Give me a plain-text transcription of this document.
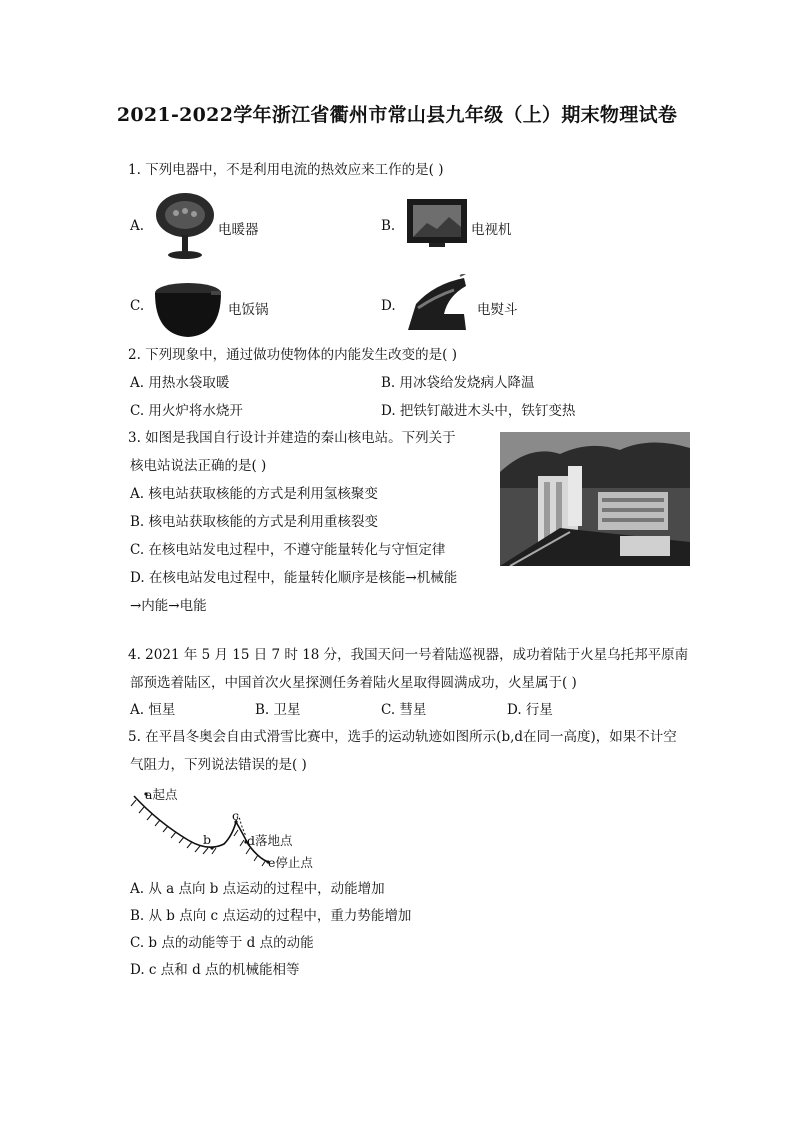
2021-2022学年浙江省衢州市常山县九年级（上）期末物理试卷
1. 下列电器中，不是利用电流的热效应来工作的是( )
A.	电暖器	B.	电视机
C.	电饭锅	D.	电熨斗
2. 下列现象中，通过做功使物体的内能发生改变的是( )
A. 用热水袋取暖	B. 用冰袋给发烧病人降温
C. 用火炉将水烧开	D. 把铁钉敲进木头中，铁钉变热
3. 如图是我国自行设计并建造的秦山核电站。下列关于
核电站说法正确的是( )
A. 核电站获取核能的方式是利用氢核聚变
B. 核电站获取核能的方式是利用重核裂变
C. 在核电站发电过程中，不遵守能量转化与守恒定律
D. 在核电站发电过程中，能量转化顺序是核能→机械能
→内能→电能
4. 2021 年 5 月 15 日 7 时 18 分，我国天问一号着陆巡视器，成功着陆于火星乌托邦平原南
部预选着陆区，中国首次火星探测任务着陆火星取得圆满成功，火星属于( )
A. 恒星	B. 卫星	C. 彗星	D. 行星
5. 在平昌冬奥会自由式滑雪比赛中，选手的运动轨迹如图所示(b,d在同一高度)，如果不计空
气阻力，下列说法错误的是( )
a起点
b
c
d落地点
e停止点
A. 从 a 点向 b 点运动的过程中，动能增加
B. 从 b 点向 c 点运动的过程中，重力势能增加
C. b 点的动能等于 d 点的动能
D. c 点和 d 点的机械能相等
